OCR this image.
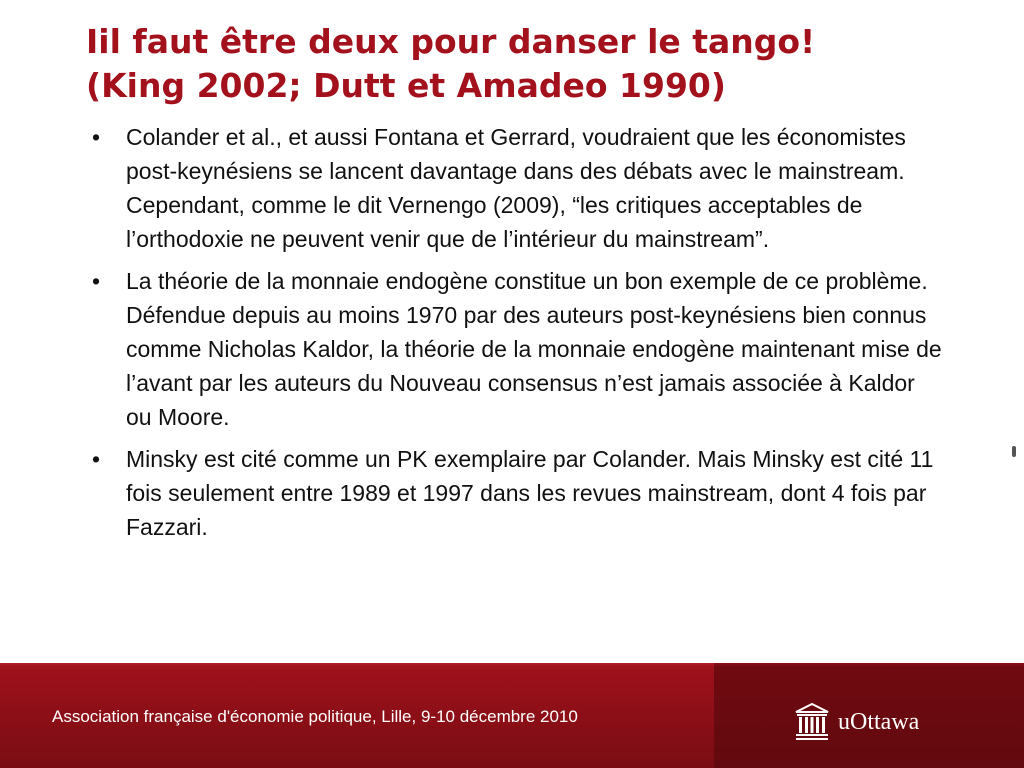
Iil faut être deux pour danser le tango!
(King 2002; Dutt et Amadeo 1990)
• Colander et al., et aussi Fontana et Gerrard, voudraient que les économistes post-keynésiens se lancent davantage dans des débats avec le mainstream. Cependant, comme le dit Vernengo (2009), “les critiques acceptables de l’orthodoxie ne peuvent venir que de l’intérieur du mainstream”.
• La théorie de la monnaie endogène constitue un bon exemple de ce problème. Défendue depuis au moins 1970 par des auteurs post-keynésiens bien connus comme Nicholas Kaldor, la théorie de la monnaie endogène maintenant mise de l’avant par les auteurs du Nouveau consensus n’est jamais associée à Kaldor ou Moore.
• Minsky est cité comme un PK exemplaire par Colander. Mais Minsky est cité 11 fois seulement entre 1989 et 1997 dans les revues mainstream, dont 4 fois par Fazzari.
Association française d'économie politique, Lille, 9-10 décembre 2010	uOttawa
